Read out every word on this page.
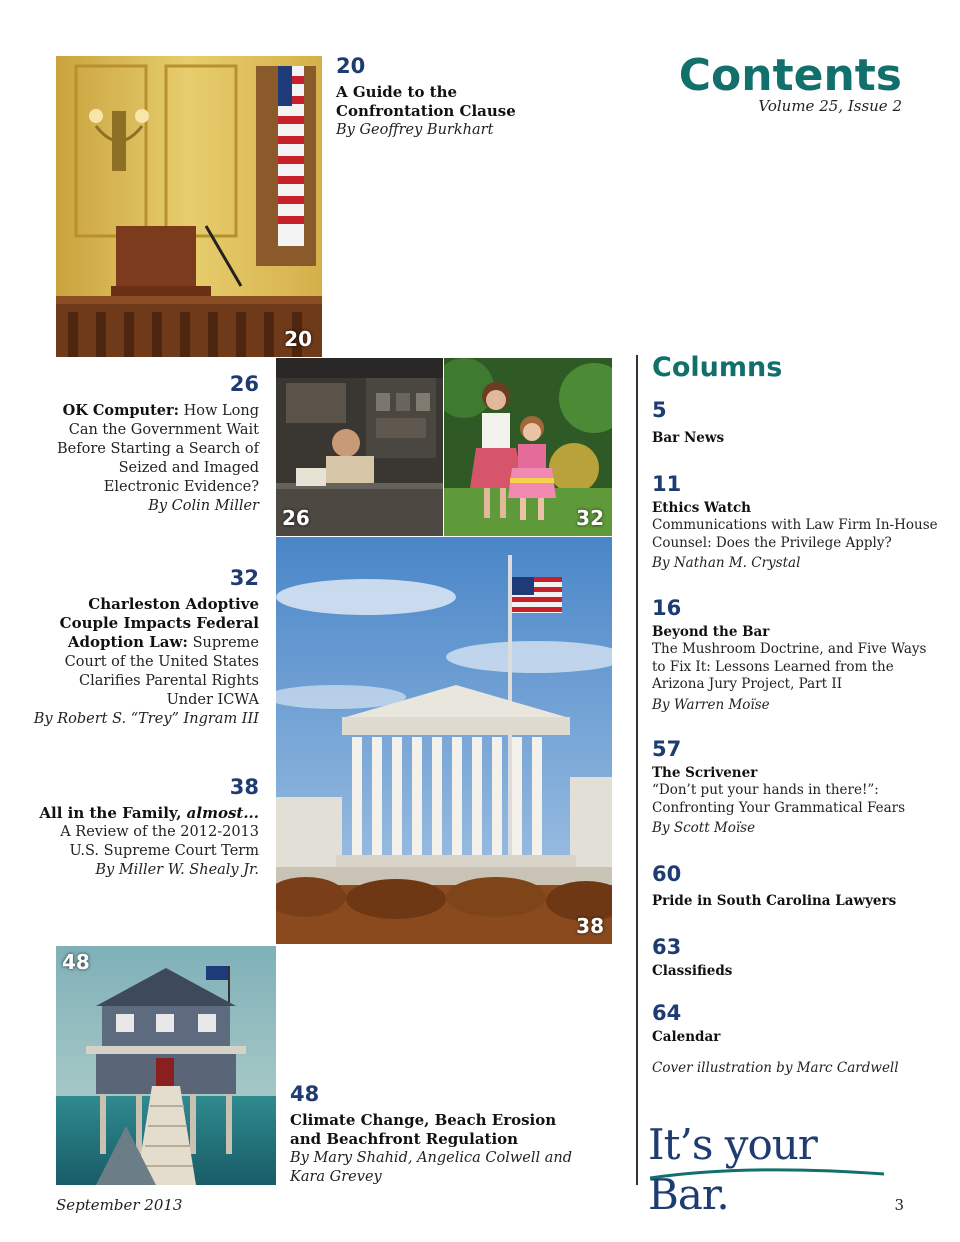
Contents
Volume 25, Issue 2
20
20
A Guide to the
Confrontation Clause
By Geoffrey Burkhart
26	32
26
OK Computer: How Long
Can the Government Wait
Before Starting a Search of
Seized and Imaged
Electronic Evidence?
By Colin Miller
32
Charleston Adoptive
Couple Impacts Federal
Adoption Law: Supreme
Court of the United States
Clarifies Parental Rights
Under ICWA
By Robert S. “Trey” Ingram III
38
All in the Family, almost...
A Review of the 2012-2013
U.S. Supreme Court Term
By Miller W. Shealy Jr.
38
48
48
Climate Change, Beach Erosion
and Beachfront Regulation
By Mary Shahid, Angelica Colwell and
Kara Grevey
Columns
5
Bar News
11
Ethics Watch
Communications with Law Firm In-House
Counsel: Does the Privilege Apply?
By Nathan M. Crystal
16
Beyond the Bar
The Mushroom Doctrine, and Five Ways
to Fix It: Lessons Learned from the
Arizona Jury Project, Part II
By Warren Moïse
57
The Scrivener
“Don’t put your hands in there!”:
Confronting Your Grammatical Fears
By Scott Moïse
60
Pride in South Carolina Lawyers
63
Classifieds
64
Calendar
Cover illustration by Marc Cardwell
It’s your Bar.
September 2013	3
